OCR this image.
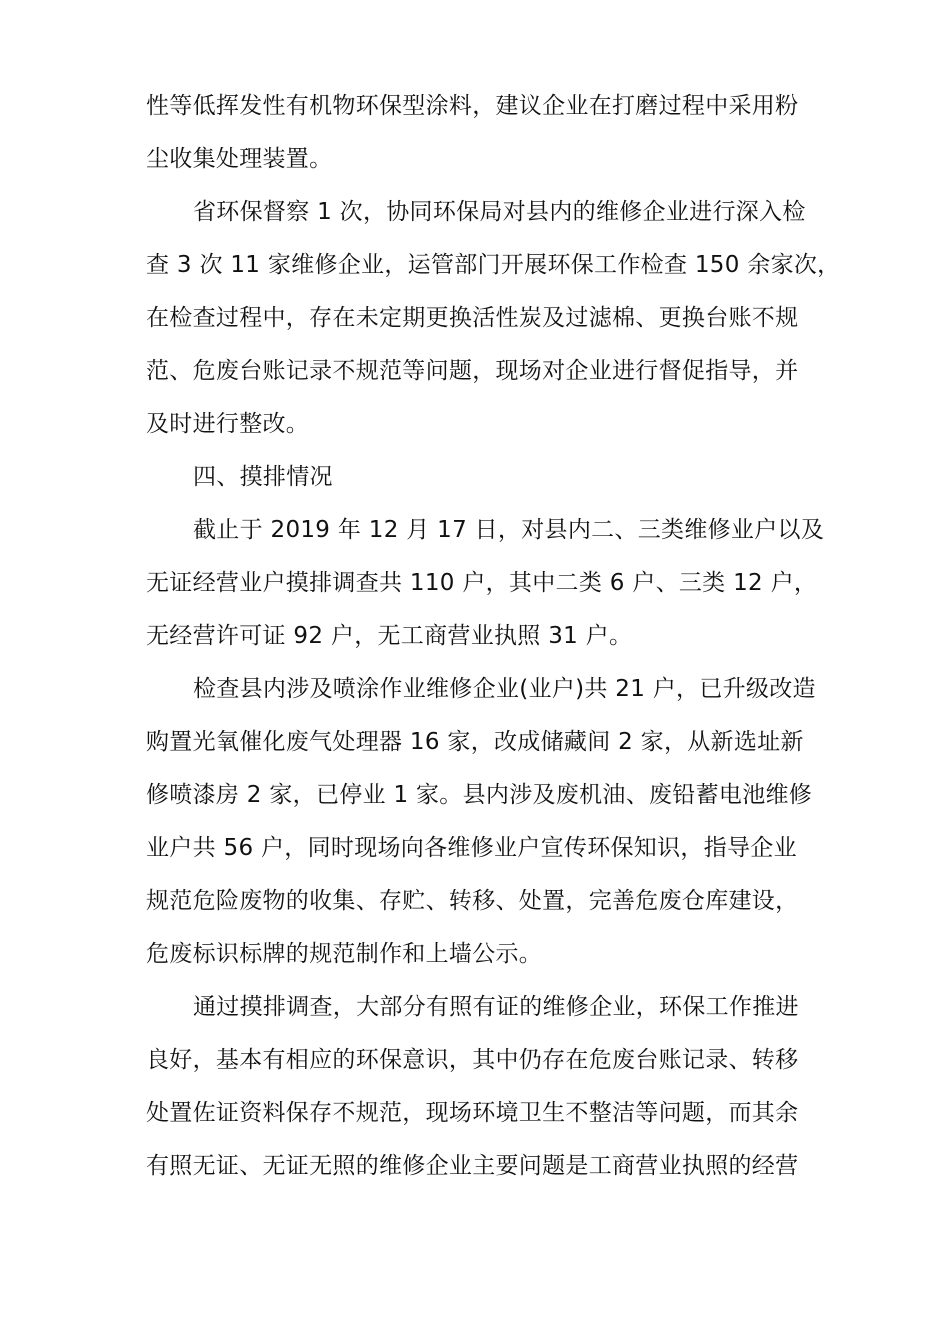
性等低挥发性有机物环保型涂料，建议企业在打磨过程中采用粉
尘收集处理装置。
省环保督察 1 次，协同环保局对县内的维修企业进行深入检
查 3 次 11 家维修企业，运管部门开展环保工作检查 150 余家次，
在检查过程中，存在未定期更换活性炭及过滤棉、更换台账不规
范、危废台账记录不规范等问题，现场对企业进行督促指导，并
及时进行整改。
四、摸排情况
截止于 2019 年 12 月 17 日，对县内二、三类维修业户以及
无证经营业户摸排调查共 110 户，其中二类 6 户、三类 12 户，
无经营许可证 92 户，无工商营业执照 31 户。
检查县内涉及喷涂作业维修企业(业户)共 21 户，已升级改造
购置光氧催化废气处理器 16 家，改成储藏间 2 家，从新选址新
修喷漆房 2 家，已停业 1 家。县内涉及废机油、废铅蓄电池维修
业户共 56 户，同时现场向各维修业户宣传环保知识，指导企业
规范危险废物的收集、存贮、转移、处置，完善危废仓库建设，
危废标识标牌的规范制作和上墙公示。
通过摸排调查，大部分有照有证的维修企业，环保工作推进
良好，基本有相应的环保意识，其中仍存在危废台账记录、转移
处置佐证资料保存不规范，现场环境卫生不整洁等问题，而其余
有照无证、无证无照的维修企业主要问题是工商营业执照的经营
